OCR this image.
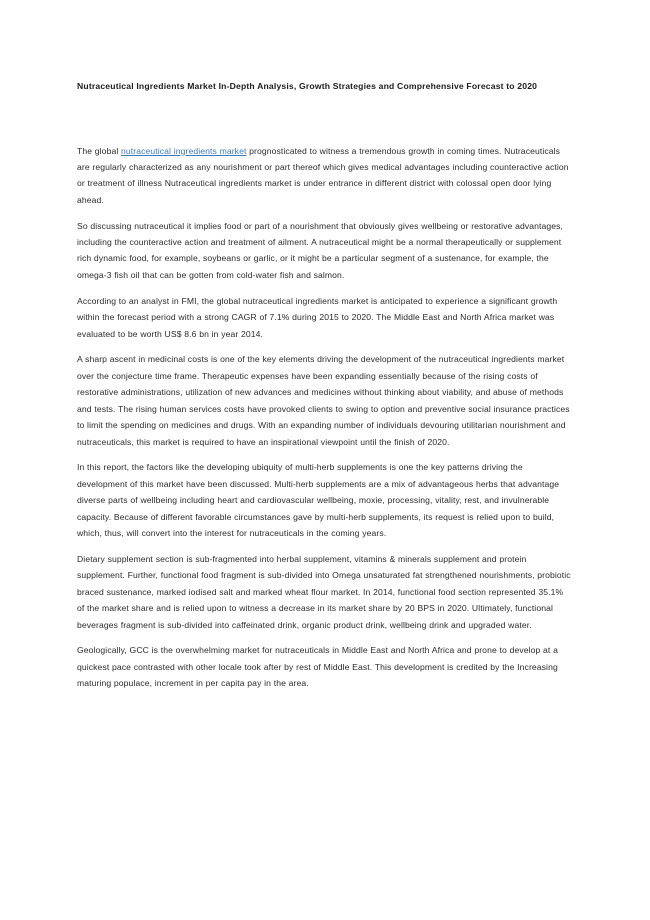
Nutraceutical Ingredients Market In-Depth Analysis, Growth Strategies and Comprehensive Forecast to 2020

The global nutraceutical ingredients market prognosticated to witness a tremendous growth in coming times. Nutraceuticals are regularly characterized as any nourishment or part thereof which gives medical advantages including counteractive action or treatment of illness Nutraceutical ingredients market is under entrance in different district with colossal open door lying ahead.

So discussing nutraceutical it implies food or part of a nourishment that obviously gives wellbeing or restorative advantages, including the counteractive action and treatment of ailment. A nutraceutical might be a normal therapeutically or supplement rich dynamic food, for example, soybeans or garlic, or it might be a particular segment of a sustenance, for example, the omega-3 fish oil that can be gotten from cold-water fish and salmon.

According to an analyst in FMI, the global nutraceutical ingredients market is anticipated to experience a significant growth within the forecast period with a strong CAGR of 7.1% during 2015 to 2020. The Middle East and North Africa market was evaluated to be worth US$ 8.6 bn in year 2014.

A sharp ascent in medicinal costs is one of the key elements driving the development of the nutraceutical ingredients market over the conjecture time frame. Therapeutic expenses have been expanding essentially because of the rising costs of restorative administrations, utilization of new advances and medicines without thinking about viability, and abuse of methods and tests. The rising human services costs have provoked clients to swing to option and preventive social insurance practices to limit the spending on medicines and drugs. With an expanding number of individuals devouring utilitarian nourishment and nutraceuticals, this market is required to have an inspirational viewpoint until the finish of 2020.

In this report, the factors like the developing ubiquity of multi-herb supplements is one the key patterns driving the development of this market have been discussed. Multi-herb supplements are a mix of advantageous herbs that advantage diverse parts of wellbeing including heart and cardiovascular wellbeing, moxie, processing, vitality, rest, and invulnerable capacity. Because of different favorable circumstances gave by multi-herb supplements, its request is relied upon to build, which, thus, will convert into the interest for nutraceuticals in the coming years.

Dietary supplement section is sub-fragmented into herbal supplement, vitamins & minerals supplement and protein supplement. Further, functional food fragment is sub-divided into Omega unsaturated fat strengthened nourishments, probiotic braced sustenance, marked iodised salt and marked wheat flour market. In 2014, functional food section represented 35.1% of the market share and is relied upon to witness a decrease in its market share by 20 BPS in 2020. Ultimately, functional beverages fragment is sub-divided into caffeinated drink, organic product drink, wellbeing drink and upgraded water.

Geologically, GCC is the overwhelming market for nutraceuticals in Middle East and North Africa and prone to develop at a quickest pace contrasted with other locale took after by rest of Middle East. This development is credited by the Increasing maturing populace, increment in per capita pay in the area.
